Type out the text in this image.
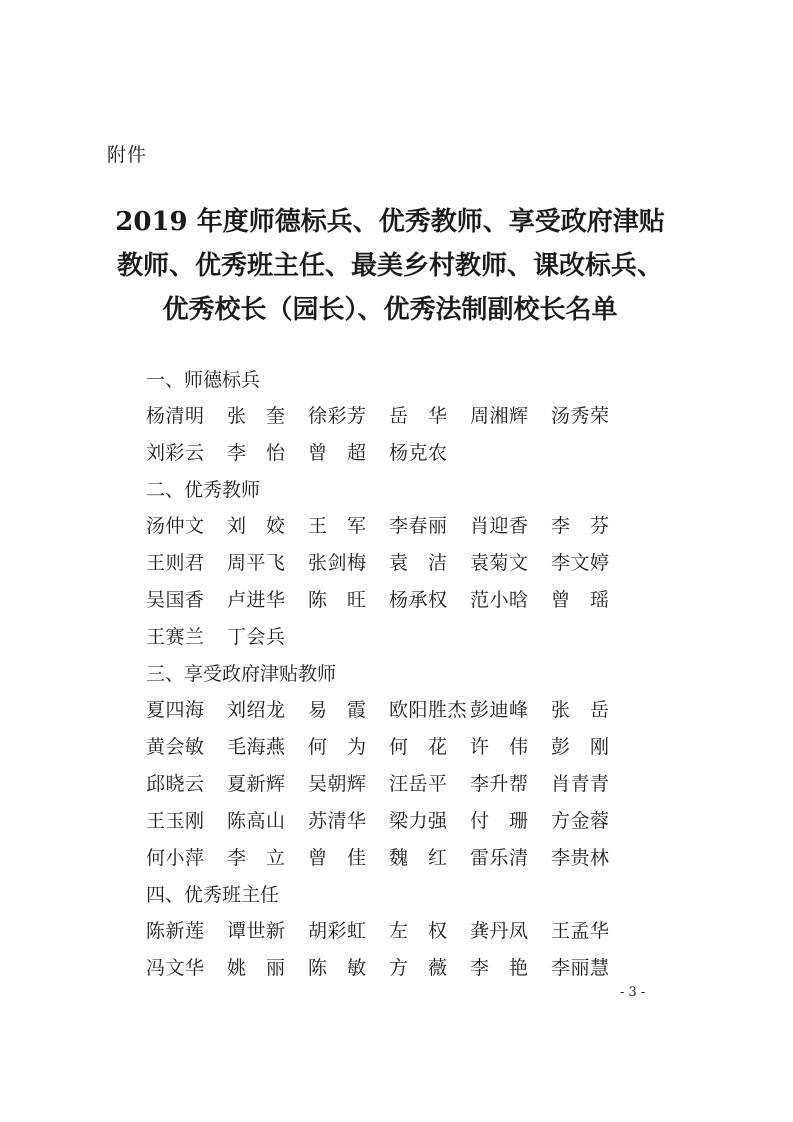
附件
2019 年度师德标兵、优秀教师、享受政府津贴
教师、优秀班主任、最美乡村教师、课改标兵、
优秀校长（园长）、优秀法制副校长名单
一、师德标兵
杨清明	张　奎	徐彩芳	岳　华	周湘辉	汤秀荣
刘彩云	李　怡	曾　超	杨克农
二、优秀教师
汤仲文	刘　姣	王　军	李春丽	肖迎香	李　芬
王则君	周平飞	张剑梅	袁　洁	袁菊文	李文婷
吴国香	卢进华	陈　旺	杨承权	范小晗	曾　瑶
王赛兰	丁会兵
三、享受政府津贴教师
夏四海	刘绍龙	易　霞	欧阳胜杰 彭迪峰	张　岳
黄会敏	毛海燕	何　为	何　花	许　伟	彭　刚
邱晓云	夏新辉	吴朝辉	汪岳平	李升帮	肖青青
王玉刚	陈高山	苏清华	梁力强	付　珊	方金蓉
何小萍	李　立	曾　佳	魏　红	雷乐清	李贵林
四、优秀班主任
陈新莲	谭世新	胡彩虹	左　权	龚丹凤	王孟华
冯文华	姚　丽	陈　敏	方　薇	李　艳	李丽慧
- 3 -
